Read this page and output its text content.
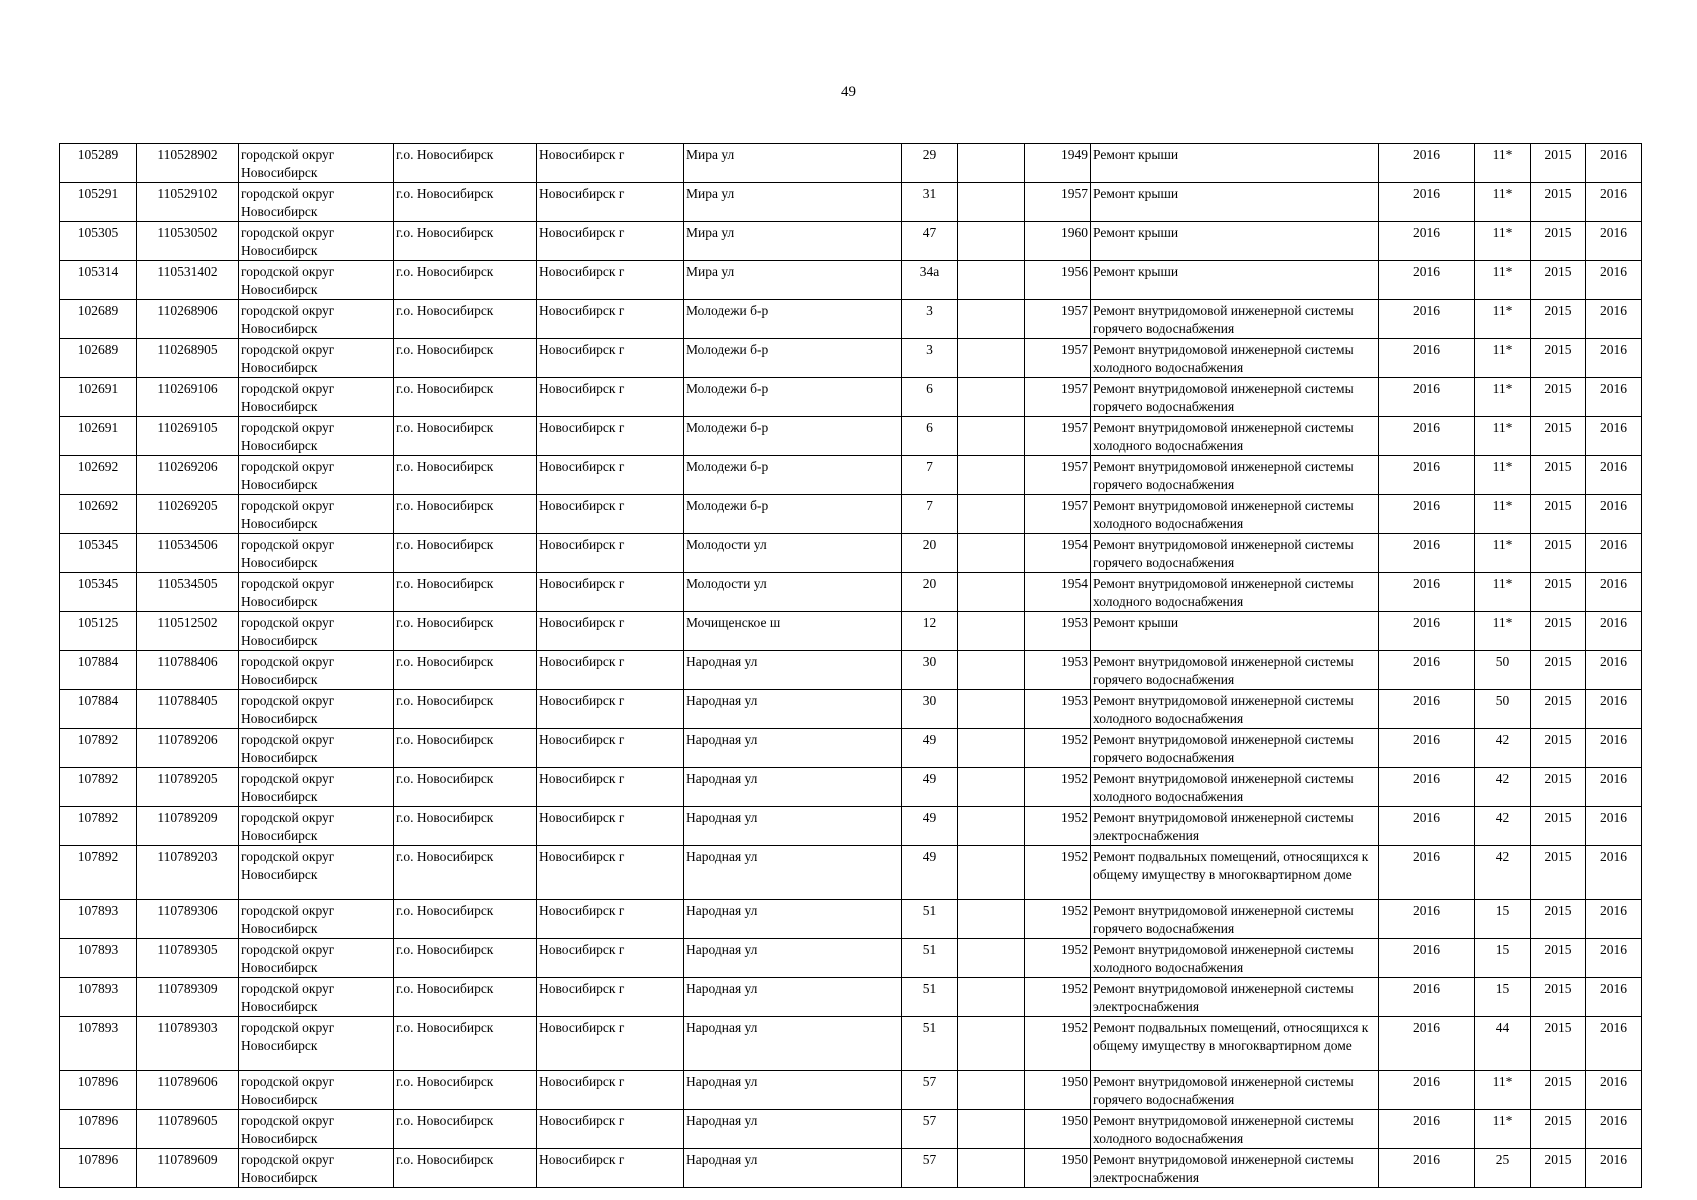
49
105289	110528902	городской округ Новосибирск	г.о. Новосибирск	Новосибирск г	Мира ул	29		1949	Ремонт крыши	2016	11*	2015	2016
105291	110529102	городской округ Новосибирск	г.о. Новосибирск	Новосибирск г	Мира ул	31		1957	Ремонт крыши	2016	11*	2015	2016
105305	110530502	городской округ Новосибирск	г.о. Новосибирск	Новосибирск г	Мира ул	47		1960	Ремонт крыши	2016	11*	2015	2016
105314	110531402	городской округ Новосибирск	г.о. Новосибирск	Новосибирск г	Мира ул	34а		1956	Ремонт крыши	2016	11*	2015	2016
102689	110268906	городской округ Новосибирск	г.о. Новосибирск	Новосибирск г	Молодежи б-р	3		1957	Ремонт внутридомовой инженерной системы горячего водоснабжения	2016	11*	2015	2016
102689	110268905	городской округ Новосибирск	г.о. Новосибирск	Новосибирск г	Молодежи б-р	3		1957	Ремонт внутридомовой инженерной системы холодного водоснабжения	2016	11*	2015	2016
102691	110269106	городской округ Новосибирск	г.о. Новосибирск	Новосибирск г	Молодежи б-р	6		1957	Ремонт внутридомовой инженерной системы горячего водоснабжения	2016	11*	2015	2016
102691	110269105	городской округ Новосибирск	г.о. Новосибирск	Новосибирск г	Молодежи б-р	6		1957	Ремонт внутридомовой инженерной системы холодного водоснабжения	2016	11*	2015	2016
102692	110269206	городской округ Новосибирск	г.о. Новосибирск	Новосибирск г	Молодежи б-р	7		1957	Ремонт внутридомовой инженерной системы горячего водоснабжения	2016	11*	2015	2016
102692	110269205	городской округ Новосибирск	г.о. Новосибирск	Новосибирск г	Молодежи б-р	7		1957	Ремонт внутридомовой инженерной системы холодного водоснабжения	2016	11*	2015	2016
105345	110534506	городской округ Новосибирск	г.о. Новосибирск	Новосибирск г	Молодости ул	20		1954	Ремонт внутридомовой инженерной системы горячего водоснабжения	2016	11*	2015	2016
105345	110534505	городской округ Новосибирск	г.о. Новосибирск	Новосибирск г	Молодости ул	20		1954	Ремонт внутридомовой инженерной системы холодного водоснабжения	2016	11*	2015	2016
105125	110512502	городской округ Новосибирск	г.о. Новосибирск	Новосибирск г	Мочищенское ш	12		1953	Ремонт крыши	2016	11*	2015	2016
107884	110788406	городской округ Новосибирск	г.о. Новосибирск	Новосибирск г	Народная ул	30		1953	Ремонт внутридомовой инженерной системы горячего водоснабжения	2016	50	2015	2016
107884	110788405	городской округ Новосибирск	г.о. Новосибирск	Новосибирск г	Народная ул	30		1953	Ремонт внутридомовой инженерной системы холодного водоснабжения	2016	50	2015	2016
107892	110789206	городской округ Новосибирск	г.о. Новосибирск	Новосибирск г	Народная ул	49		1952	Ремонт внутридомовой инженерной системы горячего водоснабжения	2016	42	2015	2016
107892	110789205	городской округ Новосибирск	г.о. Новосибирск	Новосибирск г	Народная ул	49		1952	Ремонт внутридомовой инженерной системы холодного водоснабжения	2016	42	2015	2016
107892	110789209	городской округ Новосибирск	г.о. Новосибирск	Новосибирск г	Народная ул	49		1952	Ремонт внутридомовой инженерной системы электроснабжения	2016	42	2015	2016
107892	110789203	городской округ Новосибирск	г.о. Новосибирск	Новосибирск г	Народная ул	49		1952	Ремонт подвальных помещений, относящихся к общему имуществу в многоквартирном доме	2016	42	2015	2016
107893	110789306	городской округ Новосибирск	г.о. Новосибирск	Новосибирск г	Народная ул	51		1952	Ремонт внутридомовой инженерной системы горячего водоснабжения	2016	15	2015	2016
107893	110789305	городской округ Новосибирск	г.о. Новосибирск	Новосибирск г	Народная ул	51		1952	Ремонт внутридомовой инженерной системы холодного водоснабжения	2016	15	2015	2016
107893	110789309	городской округ Новосибирск	г.о. Новосибирск	Новосибирск г	Народная ул	51		1952	Ремонт внутридомовой инженерной системы электроснабжения	2016	15	2015	2016
107893	110789303	городской округ Новосибирск	г.о. Новосибирск	Новосибирск г	Народная ул	51		1952	Ремонт подвальных помещений, относящихся к общему имуществу в многоквартирном доме	2016	44	2015	2016
107896	110789606	городской округ Новосибирск	г.о. Новосибирск	Новосибирск г	Народная ул	57		1950	Ремонт внутридомовой инженерной системы горячего водоснабжения	2016	11*	2015	2016
107896	110789605	городской округ Новосибирск	г.о. Новосибирск	Новосибирск г	Народная ул	57		1950	Ремонт внутридомовой инженерной системы холодного водоснабжения	2016	11*	2015	2016
107896	110789609	городской округ Новосибирск	г.о. Новосибирск	Новосибирск г	Народная ул	57		1950	Ремонт внутридомовой инженерной системы электроснабжения	2016	25	2015	2016
